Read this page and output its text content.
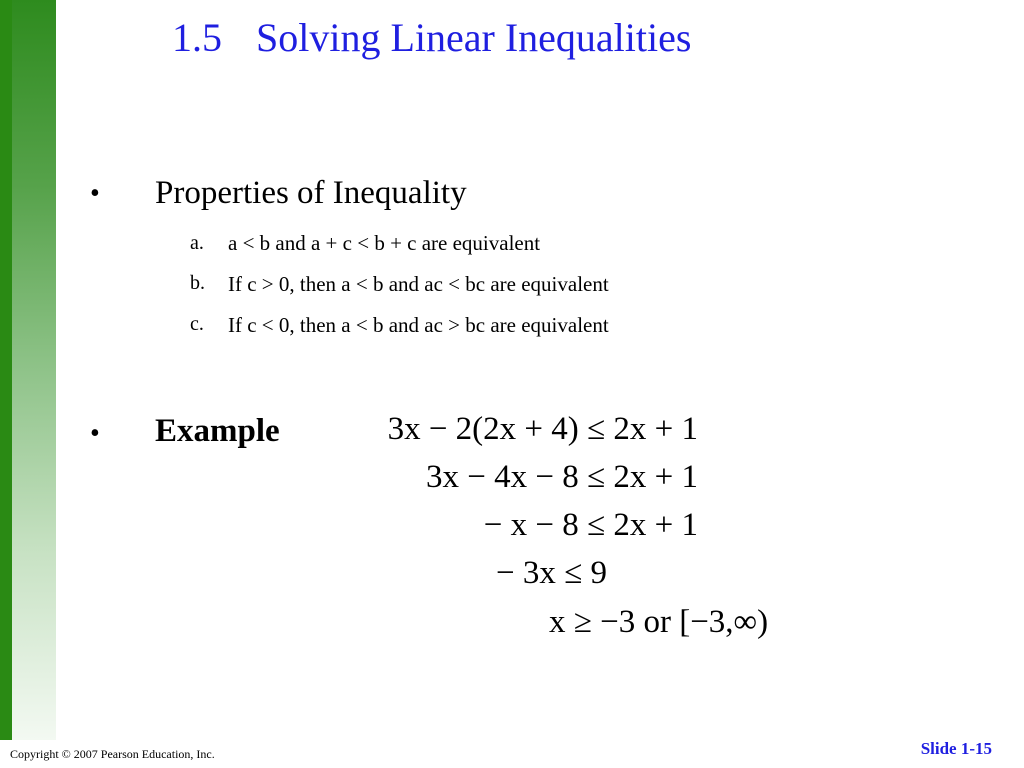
1.5 Solving Linear Inequalities
• Properties of Inequality
a. a < b and a + c < b + c are equivalent
b. If c > 0, then a < b and ac < bc are equivalent
c. If c < 0, then a < b and ac > bc are equivalent
• Example	3x − 2(2x + 4) ≤ 2x + 1
3x − 4x − 8 ≤ 2x + 1
− x − 8 ≤ 2x + 1
− 3x ≤ 9
x ≥ −3 or [−3,∞)
Copyright © 2007 Pearson Education, Inc.	Slide 1-15
